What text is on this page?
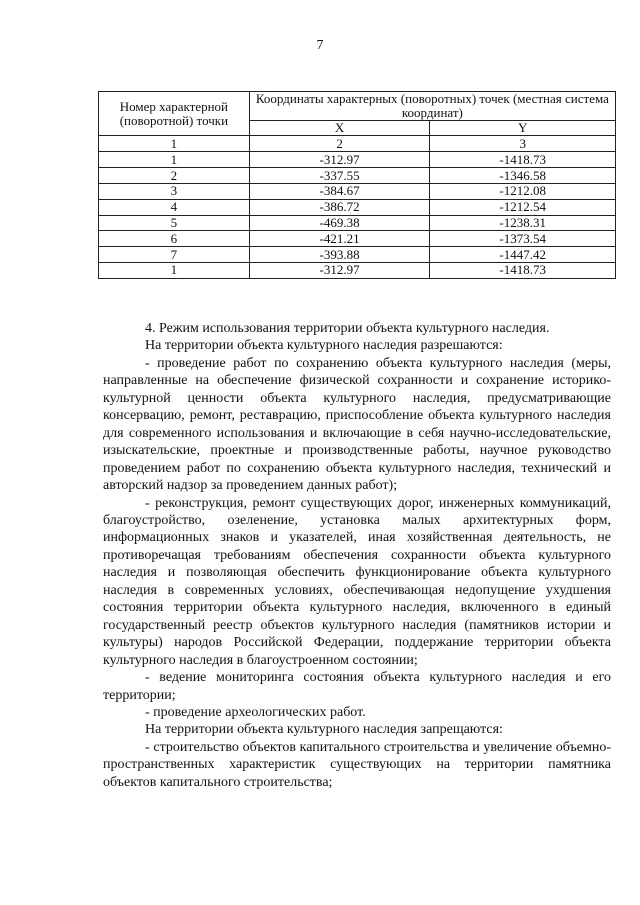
7
Номер характерной (поворотной) точки	Координаты характерных (поворотных) точек (местная система координат)	
	X	Y
1	2	3
1	-312.97	-1418.73
2	-337.55	-1346.58
3	-384.67	-1212.08
4	-386.72	-1212.54
5	-469.38	-1238.31
6	-421.21	-1373.54
7	-393.88	-1447.42
1	-312.97	-1418.73

4. Режим использования территории объекта культурного наследия.

На территории объекта культурного наследия разрешаются:

- проведение работ по сохранению объекта культурного наследия (меры, направленные на обеспечение физической сохранности и сохранение историко-культурной ценности объекта культурного наследия, предусматривающие консервацию, ремонт, реставрацию, приспособление объекта культурного наследия для современного использования и включающие в себя научно-исследовательские, изыскательские, проектные и производственные работы, научное руководство проведением работ по сохранению объекта культурного наследия, технический и авторский надзор за проведением данных работ);

- реконструкция, ремонт существующих дорог, инженерных коммуникаций, благоустройство, озеленение, установка малых архитектурных форм, информационных знаков и указателей, иная хозяйственная деятельность, не противоречащая требованиям обеспечения сохранности объекта культурного наследия и позволяющая обеспечить функционирование объекта культурного наследия в современных условиях, обеспечивающая недопущение ухудшения состояния территории объекта культурного наследия, включенного в единый государственный реестр объектов культурного наследия (памятников истории и культуры) народов Российской Федерации, поддержание территории объекта культурного наследия в благоустроенном состоянии;

- ведение мониторинга состояния объекта культурного наследия и его территории;

- проведение археологических работ.

На территории объекта культурного наследия запрещаются:

- строительство объектов капитального строительства и увеличение объемно-пространственных характеристик существующих на территории памятника объектов капитального строительства;
